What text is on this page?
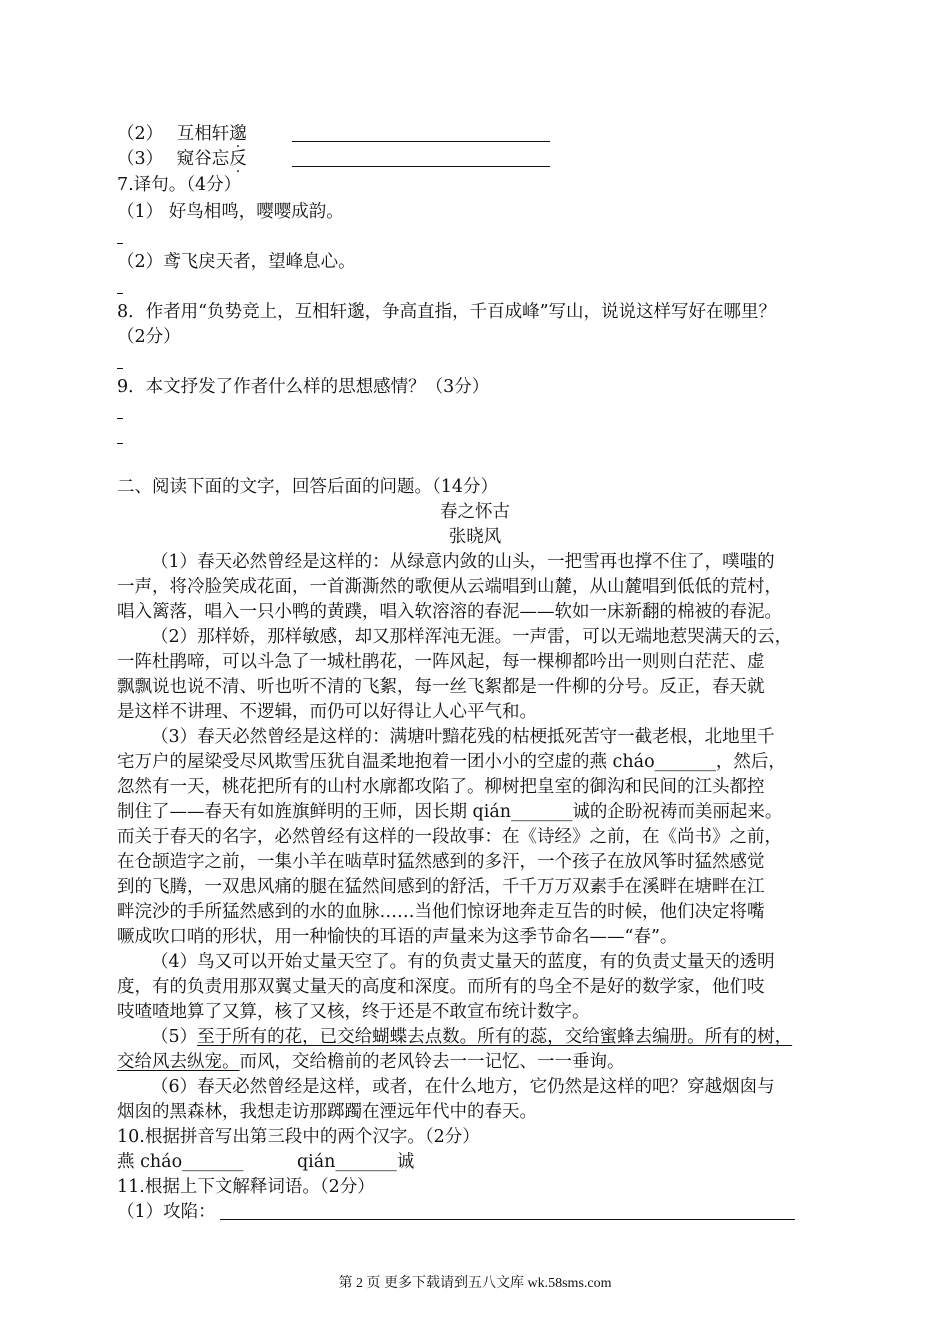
（2） 互相轩邈
（3） 窥谷忘反
7.译句。（4分）
（1） 好鸟相鸣，嘤嘤成韵。
（2）鸢飞戾天者，望峰息心。
8．作者用“负势竞上，互相轩邈，争高直指，千百成峰”写山，说说这样写好在哪里？
（2分）
9．本文抒发了作者什么样的思想感情？（3分）
二、阅读下面的文字，回答后面的问题。（14分）
春之怀古
张晓风
（1）春天必然曾经是这样的：从绿意内敛的山头，一把雪再也撑不住了，噗嗤的
一声，将冷脸笑成花面，一首澌澌然的歌便从云端唱到山麓，从山麓唱到低低的荒村，
唱入篱落，唱入一只小鸭的黄蹼，唱入软溶溶的春泥——软如一床新翻的棉被的春泥。
（2）那样娇，那样敏感，却又那样浑沌无涯。一声雷，可以无端地惹哭满天的云，
一阵杜鹃啼，可以斗急了一城杜鹃花，一阵风起，每一棵柳都吟出一则则白茫茫、虚
飘飘说也说不清、听也听不清的飞絮，每一丝飞絮都是一件柳的分号。反正，春天就
是这样不讲理、不逻辑，而仍可以好得让人心平气和。
（3）春天必然曾经是这样的：满塘叶黯花残的枯梗抵死苦守一截老根，北地里千
宅万户的屋梁受尽风欺雪压犹自温柔地抱着一团小小的空虚的燕 cháo_______，然后，
忽然有一天，桃花把所有的山村水廓都攻陷了。柳树把皇室的御沟和民间的江头都控
制住了——春天有如旌旗鲜明的王师，因长期 qián_______诚的企盼祝祷而美丽起来。
而关于春天的名字，必然曾经有这样的一段故事：在《诗经》之前，在《尚书》之前，
在仓颉造字之前，一集小羊在啮草时猛然感到的多汗，一个孩子在放风筝时猛然感觉
到的飞腾，一双患风痛的腿在猛然间感到的舒活，千千万万双素手在溪畔在塘畔在江
畔浣沙的手所猛然感到的水的血脉……当他们惊讶地奔走互告的时候，他们决定将嘴
噘成吹口哨的形状，用一种愉快的耳语的声量来为这季节命名——“春”。
（4）鸟又可以开始丈量天空了。有的负责丈量天的蓝度，有的负责丈量天的透明
度，有的负责用那双翼丈量天的高度和深度。而所有的鸟全不是好的数学家，他们吱
吱喳喳地算了又算，核了又核，终于还是不敢宣布统计数字。
（5）至于所有的花，已交给蝴蝶去点数。所有的蕊，交给蜜蜂去编册。所有的树，
交给风去纵宠。而风，交给檐前的老风铃去一一记忆、一一垂询。
（6）春天必然曾经是这样，或者，在什么地方，它仍然是这样的吧？穿越烟囱与
烟囱的黑森林，我想走访那踯躅在湮远年代中的春天。
10.根据拼音写出第三段中的两个汉字。（2分）
燕 cháo_______	qián_______诚
11.根据上下文解释词语。（2分）
（1）攻陷：
第 2 页 更多下载请到五八文库 wk.58sms.com
